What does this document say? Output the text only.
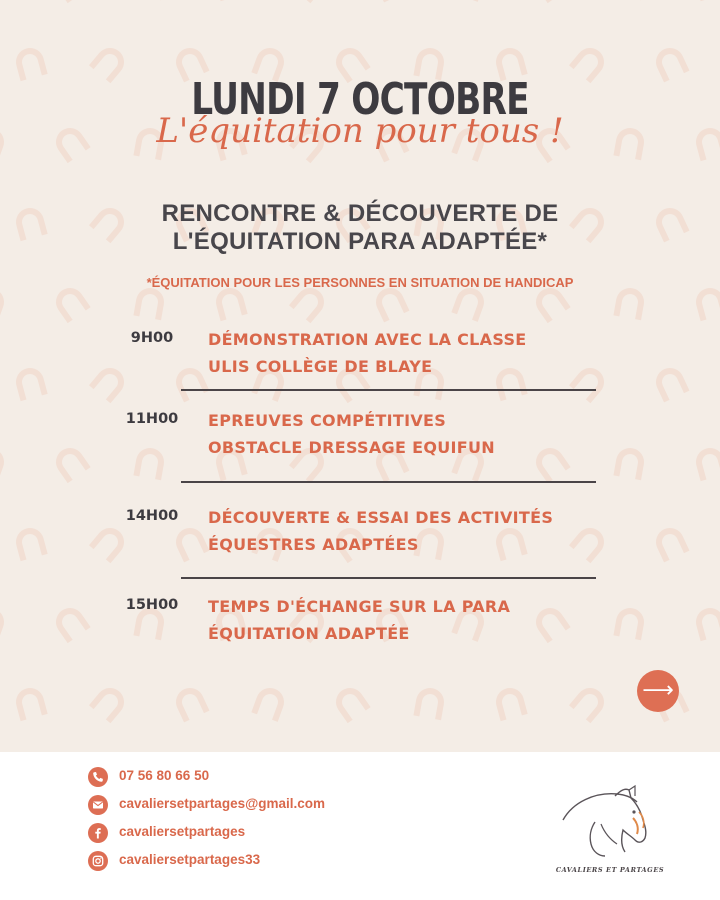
LUNDI 7 OCTOBRE
L'équitation pour tous !
RENCONTRE & DÉCOUVERTE DE
L'ÉQUITATION PARA ADAPTÉE*
*ÉQUITATION POUR LES PERSONNES EN SITUATION DE HANDICAP
9H00	DÉMONSTRATION AVEC LA CLASSE
ULIS COLLÈGE DE BLAYE
11H00	EPREUVES COMPÉTITIVES
OBSTACLE DRESSAGE EQUIFUN
14H00	DÉCOUVERTE & ESSAI DES ACTIVITÉS
ÉQUESTRES ADAPTÉES
15H00	TEMPS D'ÉCHANGE SUR LA PARA
ÉQUITATION ADAPTÉE
⟶
07 56 80 66 50
cavaliersetpartages@gmail.com
cavaliersetpartages
cavaliersetpartages33
CAVALIERS ET PARTAGES
